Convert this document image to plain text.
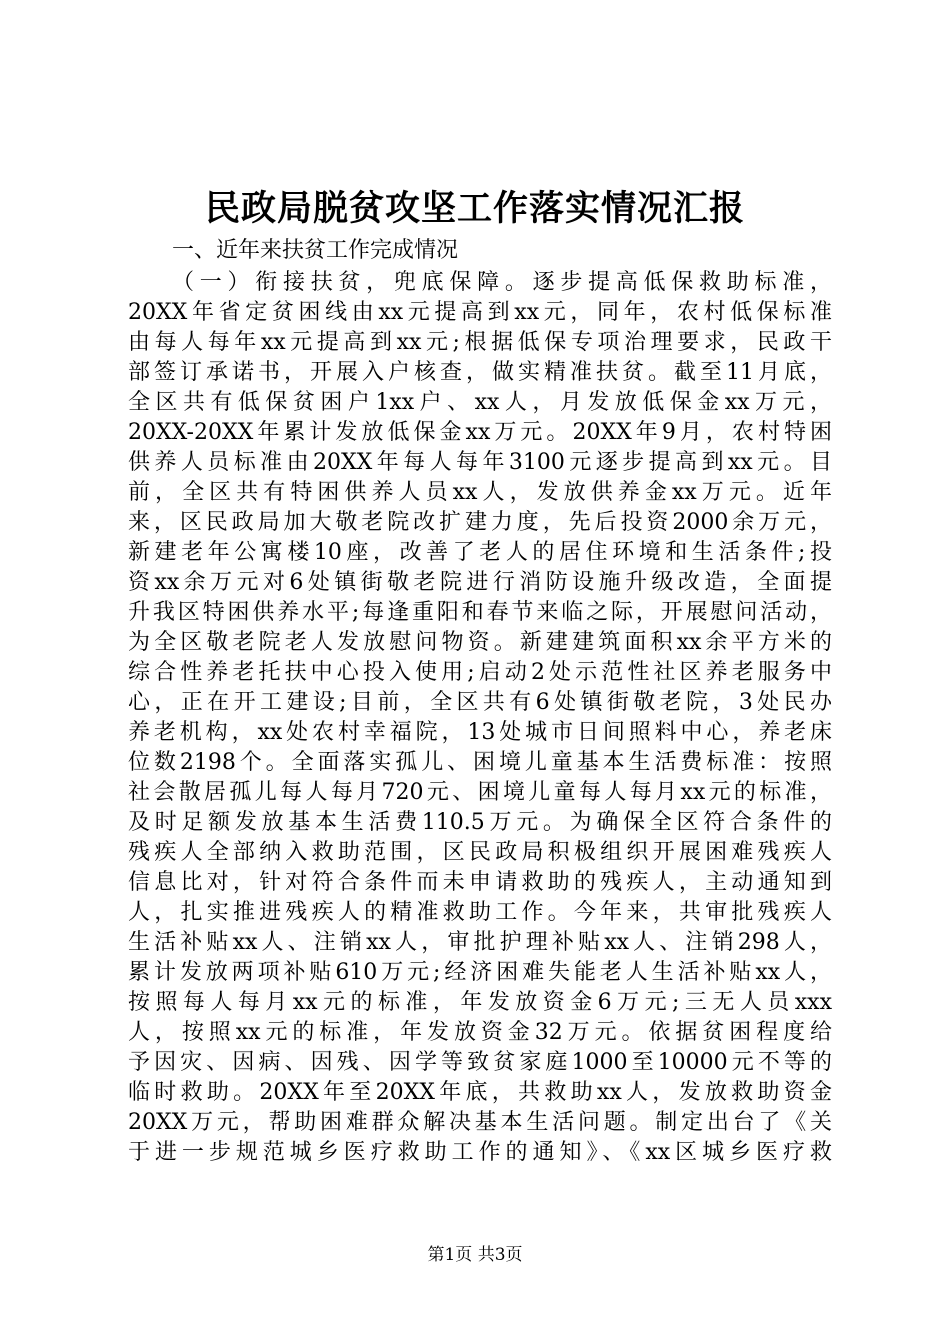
民政局脱贫攻坚工作落实情况汇报

一、近年来扶贫工作完成情况

（一）衔接扶贫，兜底保障。逐步提高低保救助标准，
20XX年省定贫困线由xx元提高到xx元，同年，农村低保标准
由每人每年xx元提高到xx元;根据低保专项治理要求，民政干
部签订承诺书，开展入户核查，做实精准扶贫。截至11月底，
全区共有低保贫困户1xx户、xx人，月发放低保金xx万元，
20XX-20XX年累计发放低保金xx万元。20XX年9月，农村特困
供养人员标准由20XX年每人每年3100元逐步提高到xx元。目
前，全区共有特困供养人员xx人，发放供养金xx万元。近年
来，区民政局加大敬老院改扩建力度，先后投资2000余万元，
新建老年公寓楼10座，改善了老人的居住环境和生活条件;投
资xx余万元对6处镇街敬老院进行消防设施升级改造，全面提
升我区特困供养水平;每逢重阳和春节来临之际，开展慰问活动，
为全区敬老院老人发放慰问物资。新建建筑面积xx余平方米的
综合性养老托扶中心投入使用;启动2处示范性社区养老服务中
心，正在开工建设;目前，全区共有6处镇街敬老院，3处民办
养老机构，xx处农村幸福院，13处城市日间照料中心，养老床
位数2198个。全面落实孤儿、困境儿童基本生活费标准：按照
社会散居孤儿每人每月720元、困境儿童每人每月xx元的标准，
及时足额发放基本生活费110.5万元。为确保全区符合条件的
残疾人全部纳入救助范围，区民政局积极组织开展困难残疾人
信息比对，针对符合条件而未申请救助的残疾人，主动通知到
人，扎实推进残疾人的精准救助工作。今年来，共审批残疾人
生活补贴xx人、注销xx人，审批护理补贴xx人、注销298人，
累计发放两项补贴610万元;经济困难失能老人生活补贴xx人，
按照每人每月xx元的标准，年发放资金6万元;三无人员xxx
人，按照xx元的标准，年发放资金32万元。依据贫困程度给
予因灾、因病、因残、因学等致贫家庭1000至10000元不等的
临时救助。20XX年至20XX年底，共救助xx人，发放救助资金
20XX万元，帮助困难群众解决基本生活问题。制定出台了《关
于进一步规范城乡医疗救助工作的通知》、《xx区城乡医疗救
第1页 共3页
